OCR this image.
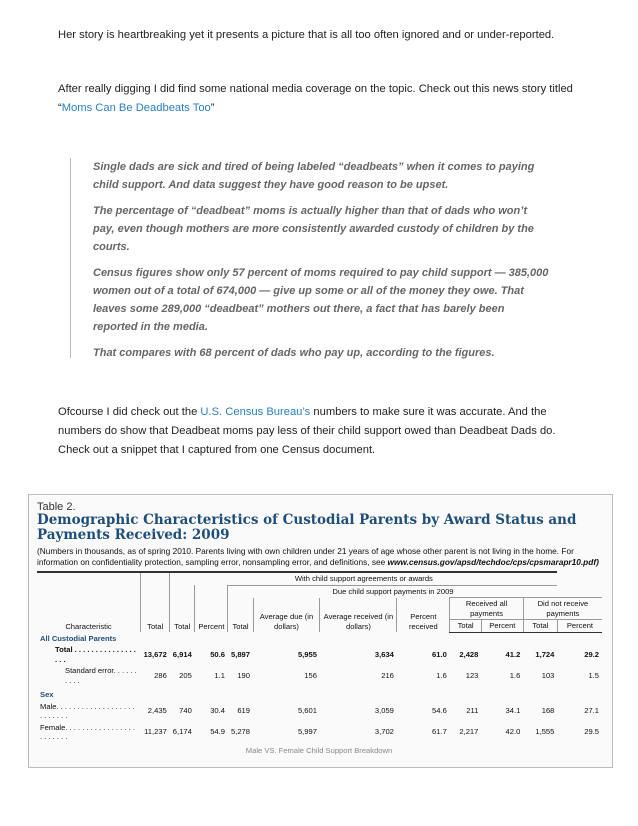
Her story is heartbreaking yet it presents a picture that is all too often ignored and or under-reported.
After really digging I did find some national media coverage on the topic. Check out this news story titled “Moms Can Be Deadbeats Too”

Single dads are sick and tired of being labeled “deadbeats” when it comes to paying child support. And data suggest they have good reason to be upset.

The percentage of “deadbeat” moms is actually higher than that of dads who won’t pay, even though mothers are more consistently awarded custody of children by the courts.

Census figures show only 57 percent of moms required to pay child support — 385,000 women out of a total of 674,000 — give up some or all of the money they owe. That leaves some 289,000 “deadbeat” mothers out there, a fact that has barely been reported in the media.

That compares with 68 percent of dads who pay up, according to the figures.

Ofcourse I did check out the U.S. Census Bureau’s numbers to make sure it was accurate. And the numbers do show that Deadbeat moms pay less of their child support owed than Deadbeat Dads do. Check out a snippet that I captured from one Census document.
Table 2.
Demographic Characteristics of Custodial Parents by Award Status and Payments Received: 2009
(Numbers in thousands, as of spring 2010. Parents living with own children under 21 years of age whose other parent is not living in the home. For information on confidentiality protection, sampling error, nonsampling error, and definitions, see www.census.gov/apsd/techdoc/cps/cpsmarapr10.pdf)
		With child support agreements or awards									
Characteristic	Total	Total	Percent	Due child support payments in 2009							
				Total	Average due (in dollars)	Average received (in dollars)	Percent received	Received all payments		Did not receive payments	
								Total	Percent	Total	Percent
All Custodial Parents											
Total . . . . . . . . . . . . . . . . . .	13,672	6,914	50.6	5,897	5,955	3,634	61.0	2,428	41.2	1,724	29.2
Standard error. . . . . . . . . .	286	205	1.1	190	156	216	1.6	123	1.6	103	1.5
Sex											
Male. . . . . . . . . . . . . . . . . . . . . . . . . .	2,435	740	30.4	619	5,601	3,059	54.6	211	34.1	168	27.1
Female. . . . . . . . . . . . . . . . . . . . . . . .	11,237	6,174	54.9	5,278	5,997	3,702	61.7	2,217	42.0	1,555	29.5
Male VS. Female Child Support Breakdown
